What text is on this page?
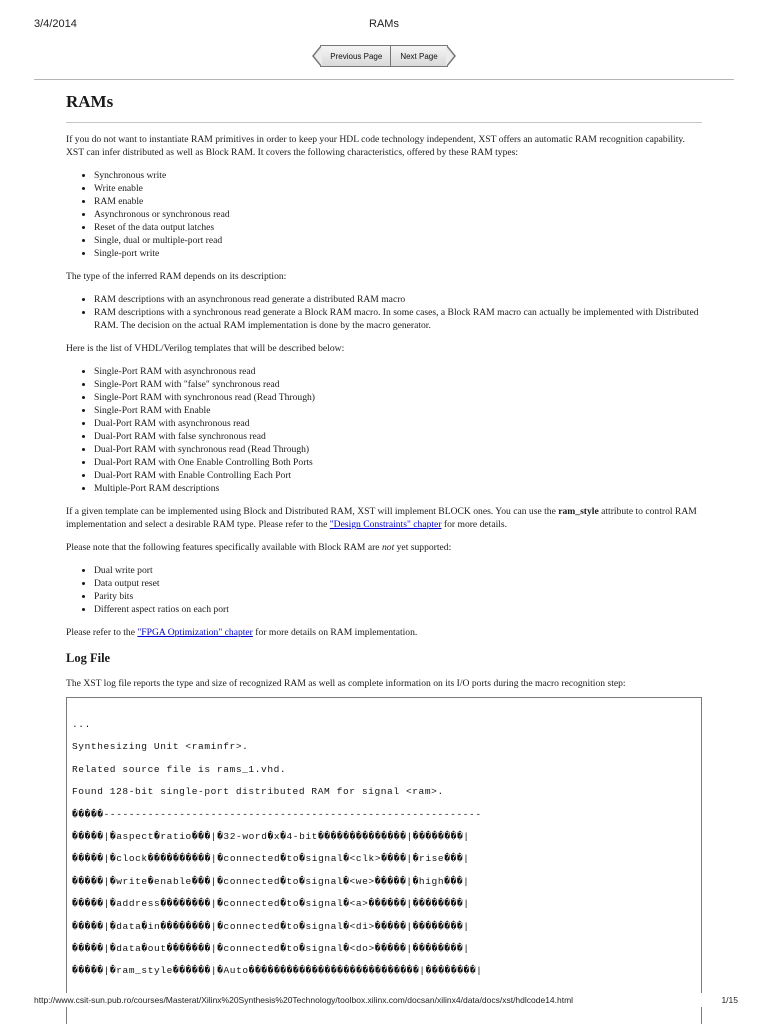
3/4/2014	RAMs
Previous Page Next Page
RAMs

If you do not want to instantiate RAM primitives in order to keep your HDL code technology independent, XST offers an automatic RAM recognition capability. XST can infer distributed as well as Block RAM. It covers the following characteristics, offered by these RAM types:

• Synchronous write
• Write enable
• RAM enable
• Asynchronous or synchronous read
• Reset of the data output latches
• Single, dual or multiple-port read
• Single-port write

The type of the inferred RAM depends on its description:

• RAM descriptions with an asynchronous read generate a distributed RAM macro
• RAM descriptions with a synchronous read generate a Block RAM macro. In some cases, a Block RAM macro can actually be implemented with Distributed RAM. The decision on the actual RAM implementation is done by the macro generator.

Here is the list of VHDL/Verilog templates that will be described below:

• Single-Port RAM with asynchronous read
• Single-Port RAM with "false" synchronous read
• Single-Port RAM with synchronous read (Read Through)
• Single-Port RAM with Enable
• Dual-Port RAM with asynchronous read
• Dual-Port RAM with false synchronous read
• Dual-Port RAM with synchronous read (Read Through)
• Dual-Port RAM with One Enable Controlling Both Ports
• Dual-Port RAM with Enable Controlling Each Port
• Multiple-Port RAM descriptions

If a given template can be implemented using Block and Distributed RAM, XST will implement BLOCK ones. You can use the ram_style attribute to control RAM implementation and select a desirable RAM type. Please refer to the "Design Constraints" chapter for more details.

Please note that the following features specifically available with Block RAM are not yet supported:

• Dual write port
• Data output reset
• Parity bits
• Different aspect ratios on each port

Please refer to the "FPGA Optimization" chapter for more details on RAM implementation.

Log File

The XST log file reports the type and size of recognized RAM as well as complete information on its I/O ports during the macro recognition step:

...
Synthesizing Unit <raminfr>.
Related source file is rams_1.vhd.
Found 128-bit single-port distributed RAM for signal <ram>.
�����------------------------------------------------------------
�����|�aspect�ratio���|�32-word�x�4-bit��������������|��������|
�����|�clock����������|�connected�to�signal�<clk>����|�rise���|
�����|�write�enable���|�connected�to�signal�<we>�����|�high���|
�����|�address��������|�connected�to�signal�<a>������|��������|
�����|�data�in��������|�connected�to�signal�<di>�����|��������|
�����|�data�out�������|�connected�to�signal�<do>�����|��������|
�����|�ram_style������|�Auto���������������������������|��������|
http://www.csit-sun.pub.ro/courses/Masterat/Xilinx%20Synthesis%20Technology/toolbox.xilinx.com/docsan/xilinx4/data/docs/xst/hdlcode14.html	1/15
